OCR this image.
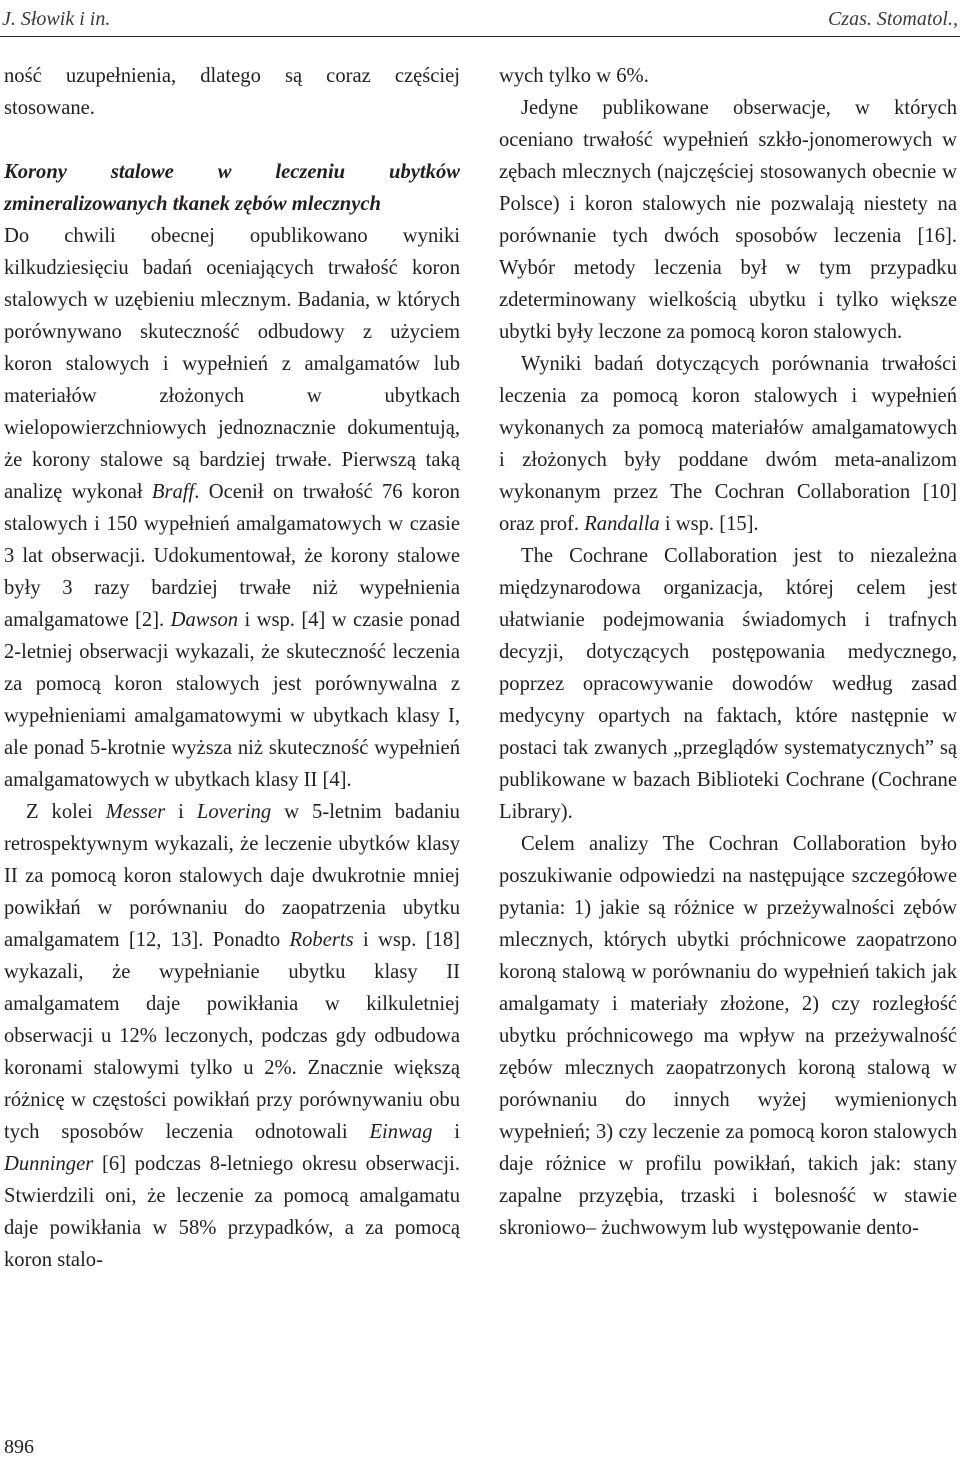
J. Słowik i in.	Czas. Stomatol.,

ność uzupełnienia, dlatego są coraz częściej stosowane.

Korony stalowe w leczeniu ubytków zmineralizowanych tkanek zębów mlecznych

Do chwili obecnej opublikowano wyniki kilkudziesięciu badań oceniających trwałość koron stalowych w uzębieniu mlecznym. Badania, w których porównywano skuteczność odbudowy z użyciem koron stalowych i wypełnień z amalgamatów lub materiałów złożonych w ubytkach wielopowierzchniowych jednoznacznie dokumentują, że korony stalowe są bardziej trwałe. Pierwszą taką analizę wykonał Braff. Ocenił on trwałość 76 koron stalowych i 150 wypełnień amalgamatowych w czasie 3 lat obserwacji. Udokumentował, że korony stalowe były 3 razy bardziej trwałe niż wypełnienia amalgamatowe [2]. Dawson i wsp. [4] w czasie ponad 2-letniej obserwacji wykazali, że skuteczność leczenia za pomocą koron stalowych jest porównywalna z wypełnieniami amalgamatowymi w ubytkach klasy I, ale ponad 5-krotnie wyższa niż skuteczność wypełnień amalgamatowych w ubytkach klasy II [4].

Z kolei Messer i Lovering w 5-letnim badaniu retrospektywnym wykazali, że leczenie ubytków klasy II za pomocą koron stalowych daje dwukrotnie mniej powikłań w porównaniu do zaopatrzenia ubytku amalgamatem [12, 13]. Ponadto Roberts i wsp. [18] wykazali, że wypełnianie ubytku klasy II amalgamatem daje powikłania w kilkuletniej obserwacji u 12% leczonych, podczas gdy odbudowa koronami stalowymi tylko u 2%. Znacznie większą różnicę w częstości powikłań przy porównywaniu obu tych sposobów leczenia odnotowali Einwag i Dunninger [6] podczas 8-letniego okresu obserwacji. Stwierdzili oni, że leczenie za pomocą amalgamatu daje powikłania w 58% przypadków, a za pomocą koron stalo-

wych tylko w 6%.

Jedyne publikowane obserwacje, w których oceniano trwałość wypełnień szkło-jonomerowych w zębach mlecznych (najczęściej stosowanych obecnie w Polsce) i koron stalowych nie pozwalają niestety na porównanie tych dwóch sposobów leczenia [16]. Wybór metody leczenia był w tym przypadku zdeterminowany wielkością ubytku i tylko większe ubytki były leczone za pomocą koron stalowych.

Wyniki badań dotyczących porównania trwałości leczenia za pomocą koron stalowych i wypełnień wykonanych za pomocą materiałów amalgamatowych i złożonych były poddane dwóm meta-analizom wykonanym przez The Cochran Collaboration [10] oraz prof. Randalla i wsp. [15].

The Cochrane Collaboration jest to niezależna międzynarodowa organizacja, której celem jest ułatwianie podejmowania świadomych i trafnych decyzji, dotyczących postępowania medycznego, poprzez opracowywanie dowodów według zasad medycyny opartych na faktach, które następnie w postaci tak zwanych „przeglądów systematycznych” są publikowane w bazach Biblioteki Cochrane (Cochrane Library).

Celem analizy The Cochran Collaboration było poszukiwanie odpowiedzi na następujące szczegółowe pytania: 1) jakie są różnice w przeżywalności zębów mlecznych, których ubytki próchnicowe zaopatrzono koroną stalową w porównaniu do wypełnień takich jak amalgamaty i materiały złożone, 2) czy rozległość ubytku próchnicowego ma wpływ na przeżywalność zębów mlecznych zaopatrzonych koroną stalową w porównaniu do innych wyżej wymienionych wypełnień; 3) czy leczenie za pomocą koron stalowych daje różnice w profilu powikłań, takich jak: stany zapalne przyzębia, trzaski i bolesność w stawie skroniowo– żuchwowym lub występowanie dento-

896
